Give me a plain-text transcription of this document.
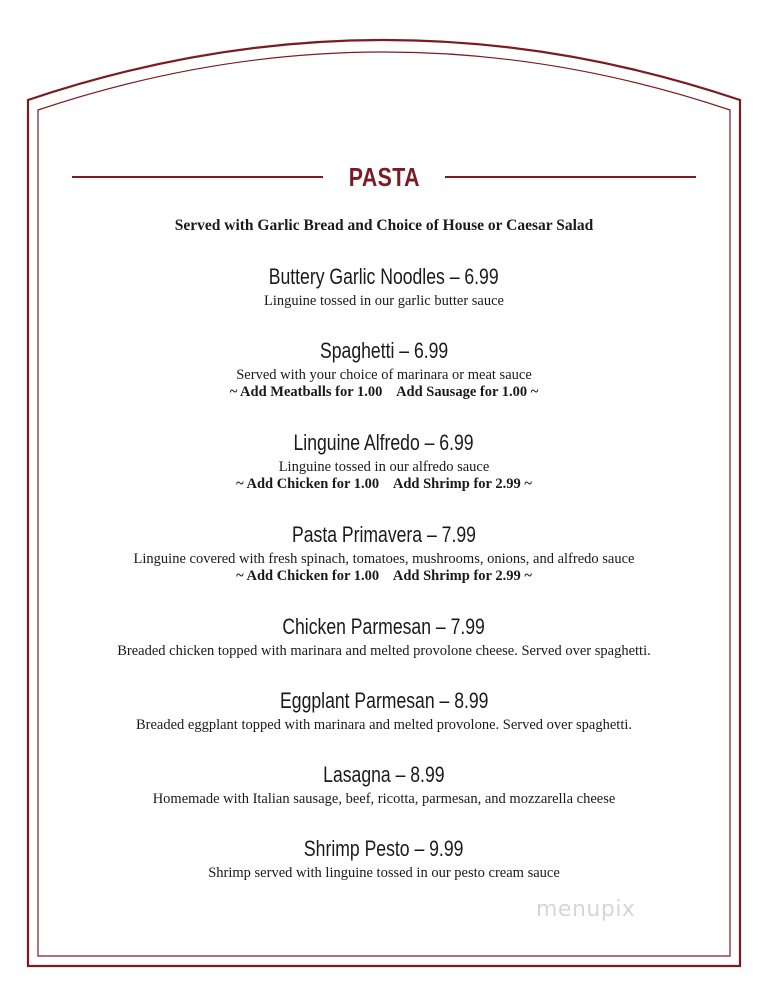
PASTA
Served with Garlic Bread and Choice of House or Caesar Salad
Buttery Garlic Noodles – 6.99
Linguine tossed in our garlic butter sauce
Spaghetti – 6.99
Served with your choice of marinara or meat sauce
~ Add Meatballs for 1.00    Add Sausage for 1.00 ~
Linguine Alfredo – 6.99
Linguine tossed in our alfredo sauce
~ Add Chicken for 1.00    Add Shrimp for 2.99 ~
Pasta Primavera – 7.99
Linguine covered with fresh spinach, tomatoes, mushrooms, onions, and alfredo sauce
~ Add Chicken for 1.00    Add Shrimp for 2.99 ~
Chicken Parmesan – 7.99
Breaded chicken topped with marinara and melted provolone cheese. Served over spaghetti.
Eggplant Parmesan – 8.99
Breaded eggplant topped with marinara and melted provolone. Served over spaghetti.
Lasagna – 8.99
Homemade with Italian sausage, beef, ricotta, parmesan, and mozzarella cheese
Shrimp Pesto – 9.99
Shrimp served with linguine tossed in our pesto cream sauce
menupix
